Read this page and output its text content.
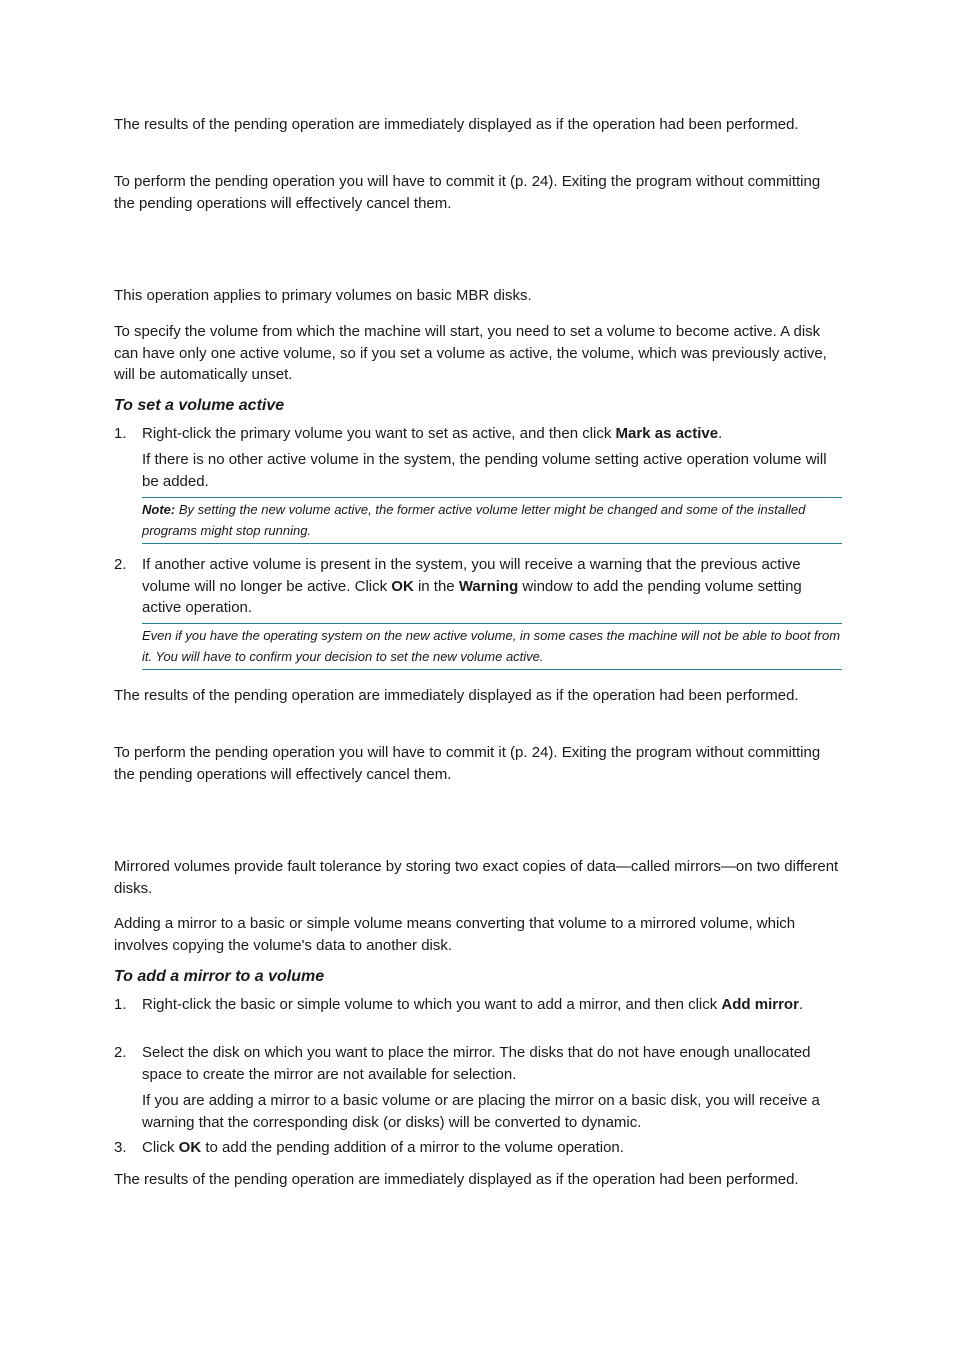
The results of the pending operation are immediately displayed as if the operation had been performed.

To perform the pending operation you will have to commit it (p. 24). Exiting the program without committing the pending operations will effectively cancel them.

This operation applies to primary volumes on basic MBR disks.

To specify the volume from which the machine will start, you need to set a volume to become active. A disk can have only one active volume, so if you set a volume as active, the volume, which was previously active, will be automatically unset.

To set a volume active
1.	Right-click the primary volume you want to set as active, and then click Mark as active.

If there is no other active volume in the system, the pending volume setting active operation volume will be added.

Note: By setting the new volume active, the former active volume letter might be changed and some of the installed programs might stop running.
2.	If another active volume is present in the system, you will receive a warning that the previous active volume will no longer be active. Click OK in the Warning window to add the pending volume setting active operation.
Even if you have the operating system on the new active volume, in some cases the machine will not be able to boot from it. You will have to confirm your decision to set the new volume active.

The results of the pending operation are immediately displayed as if the operation had been performed.

To perform the pending operation you will have to commit it (p. 24). Exiting the program without committing the pending operations will effectively cancel them.

Mirrored volumes provide fault tolerance by storing two exact copies of data—called mirrors—on two different disks.

Adding a mirror to a basic or simple volume means converting that volume to a mirrored volume, which involves copying the volume's data to another disk.

To add a mirror to a volume
1.	Right-click the basic or simple volume to which you want to add a mirror, and then click Add mirror.
2.	Select the disk on which you want to place the mirror. The disks that do not have enough unallocated space to create the mirror are not available for selection.

If you are adding a mirror to a basic volume or are placing the mirror on a basic disk, you will receive a warning that the corresponding disk (or disks) will be converted to dynamic.

3.	Click OK to add the pending addition of a mirror to the volume operation.

The results of the pending operation are immediately displayed as if the operation had been performed.
